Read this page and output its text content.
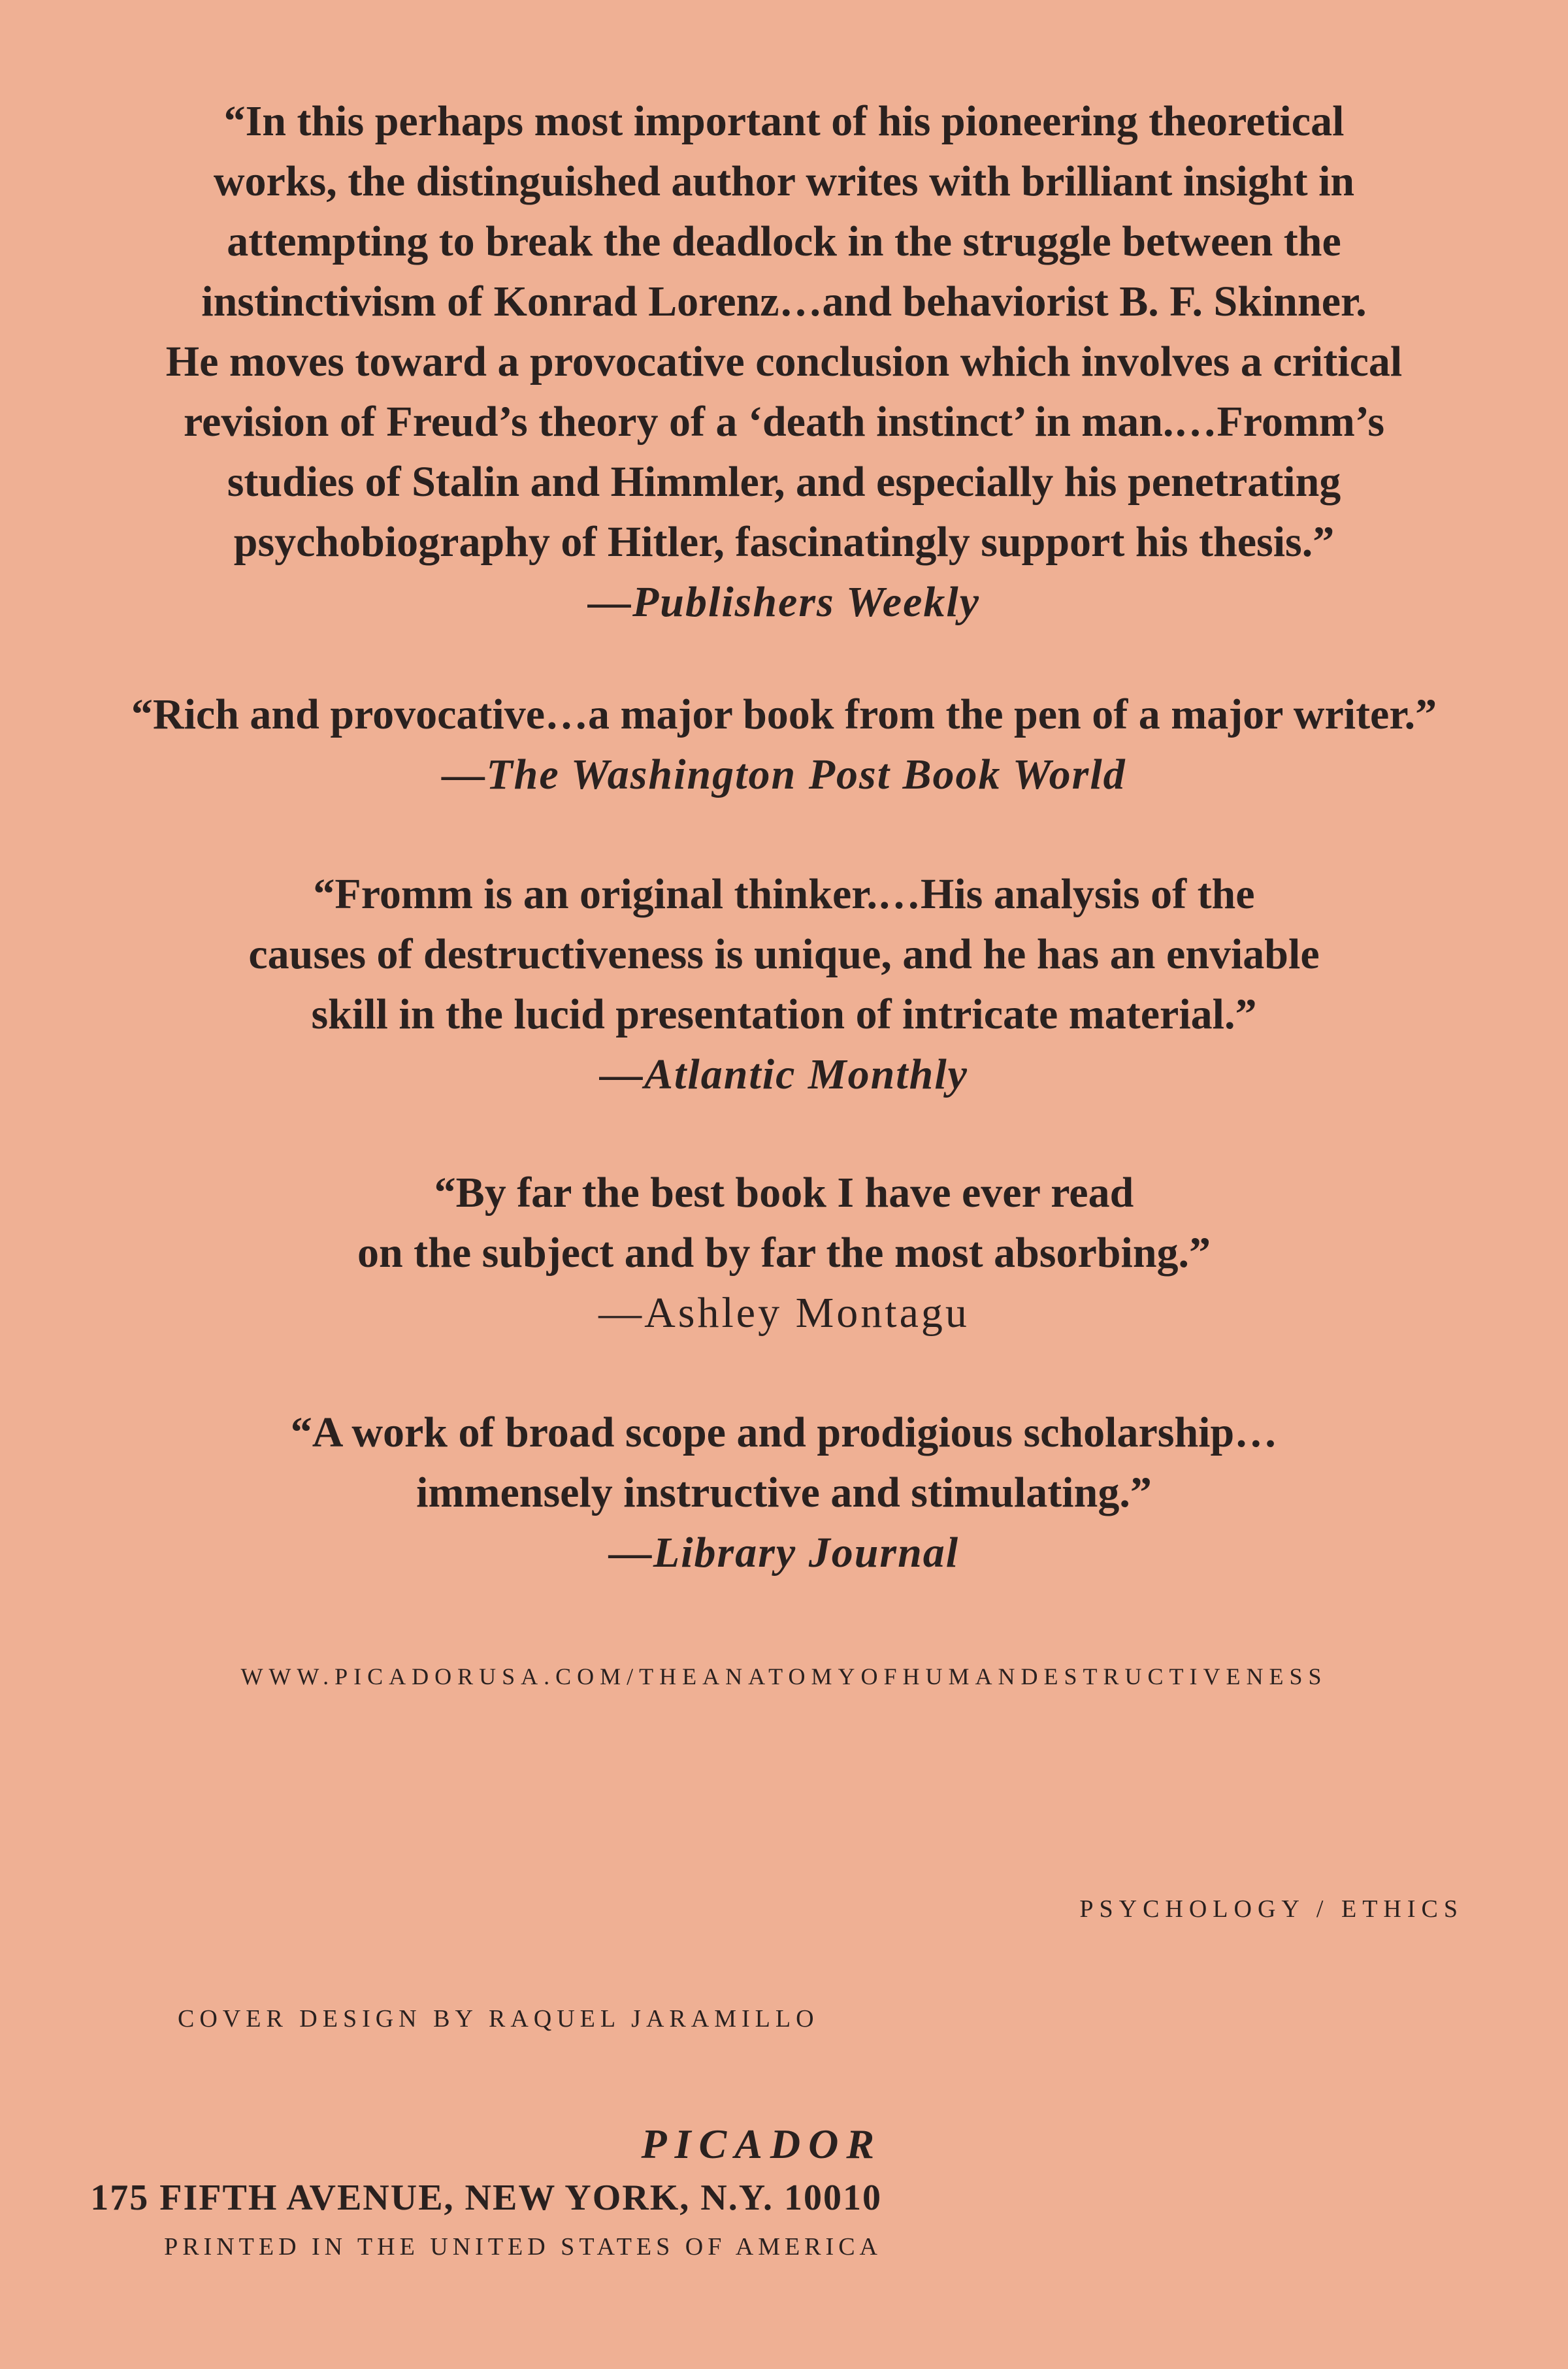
“In this perhaps most important of his pioneering theoretical
works, the distinguished author writes with brilliant insight in
attempting to break the deadlock in the struggle between the
instinctivism of Konrad Lorenz…and behaviorist B. F. Skinner.
He moves toward a provocative conclusion which involves a critical
revision of Freud’s theory of a ‘death instinct’ in man.…Fromm’s
studies of Stalin and Himmler, and especially his penetrating
psychobiography of Hitler, fascinatingly support his thesis.”
—Publishers Weekly
“Rich and provocative…a major book from the pen of a major writer.”
—The Washington Post Book World
“Fromm is an original thinker.…His analysis of the
causes of destructiveness is unique, and he has an enviable
skill in the lucid presentation of intricate material.”
—Atlantic Monthly
“By far the best book I have ever read
on the subject and by far the most absorbing.”
—Ashley Montagu
“A work of broad scope and prodigious scholarship…
immensely instructive and stimulating.”
—Library Journal
WWW.PICADORUSA.COM/THEANATOMYOFHUMANDESTRUCTIVENESS
PSYCHOLOGY / ETHICS
COVER DESIGN BY RAQUEL JARAMILLO
PICADOR
175 FIFTH AVENUE, NEW YORK, N.Y. 10010
PRINTED IN THE UNITED STATES OF AMERICA
